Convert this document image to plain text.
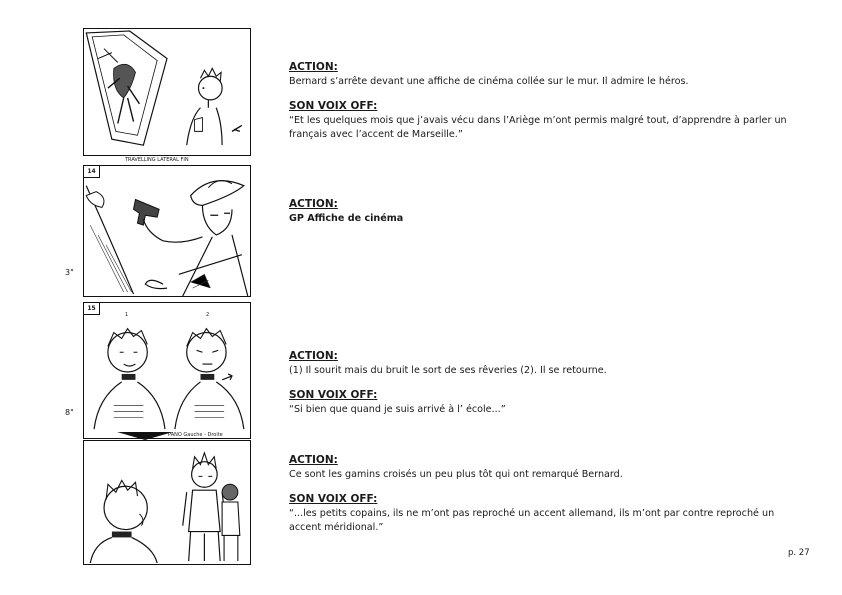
TRAVELLING LATERAL FIN
14
3"
15
1	2
PANO Gauche - Droite
8"
ACTION:
Bernard s’arrête devant une affiche de cinéma collée sur le mur. Il admire le héros.
SON VOIX OFF:
“Et les quelques mois que j’avais vécu dans l’Ariège m’ont permis malgré tout, d’apprendre à parler un français avec l’accent de Marseille.”
ACTION:
GP Affiche de cinéma
ACTION:
(1) Il sourit mais du bruit le sort de ses rêveries (2). Il se retourne.
SON VOIX OFF:
“Si bien que quand je suis arrivé à l’ école...”
ACTION:
Ce sont les gamins croisés un peu plus tôt qui ont remarqué Bernard.
SON VOIX OFF:
“...les petits copains, ils ne m’ont pas reproché un accent allemand, ils m’ont par contre reproché un accent méridional.”
p. 27
